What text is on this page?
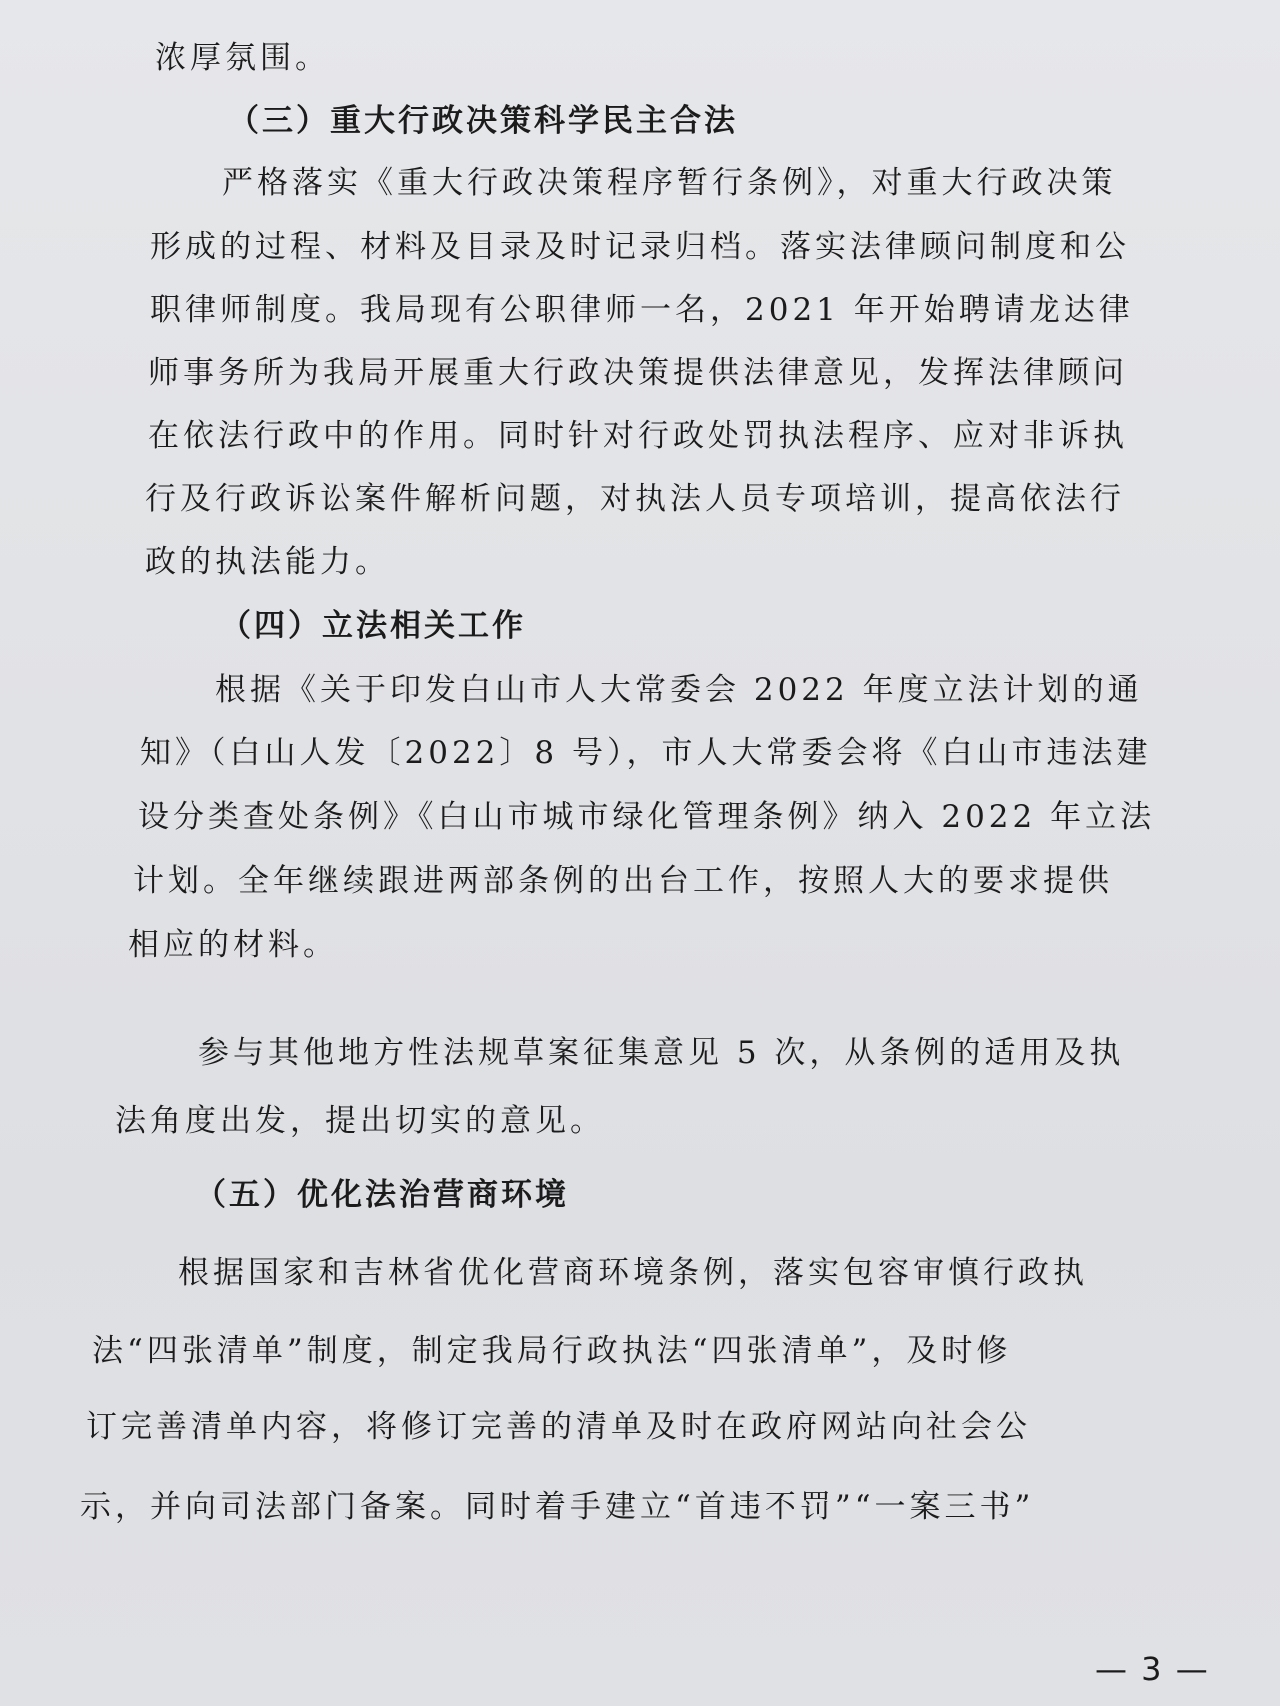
浓厚氛围。
（三）重大行政决策科学民主合法
严格落实《重大行政决策程序暂行条例》，对重大行政决策
形成的过程、材料及目录及时记录归档。落实法律顾问制度和公
职律师制度。我局现有公职律师一名，2021 年开始聘请龙达律
师事务所为我局开展重大行政决策提供法律意见，发挥法律顾问
在依法行政中的作用。同时针对行政处罚执法程序、应对非诉执
行及行政诉讼案件解析问题，对执法人员专项培训，提高依法行
政的执法能力。
（四）立法相关工作
根据《关于印发白山市人大常委会 2022 年度立法计划的通
知》（白山人发〔2022〕8 号），市人大常委会将《白山市违法建
设分类查处条例》《白山市城市绿化管理条例》纳入 2022 年立法
计划。全年继续跟进两部条例的出台工作，按照人大的要求提供
相应的材料。
参与其他地方性法规草案征集意见 5 次，从条例的适用及执
法角度出发，提出切实的意见。
（五）优化法治营商环境
根据国家和吉林省优化营商环境条例，落实包容审慎行政执
法“四张清单”制度，制定我局行政执法“四张清单”，及时修
订完善清单内容，将修订完善的清单及时在政府网站向社会公
示，并向司法部门备案。同时着手建立“首违不罚”“一案三书”
— 3 —
